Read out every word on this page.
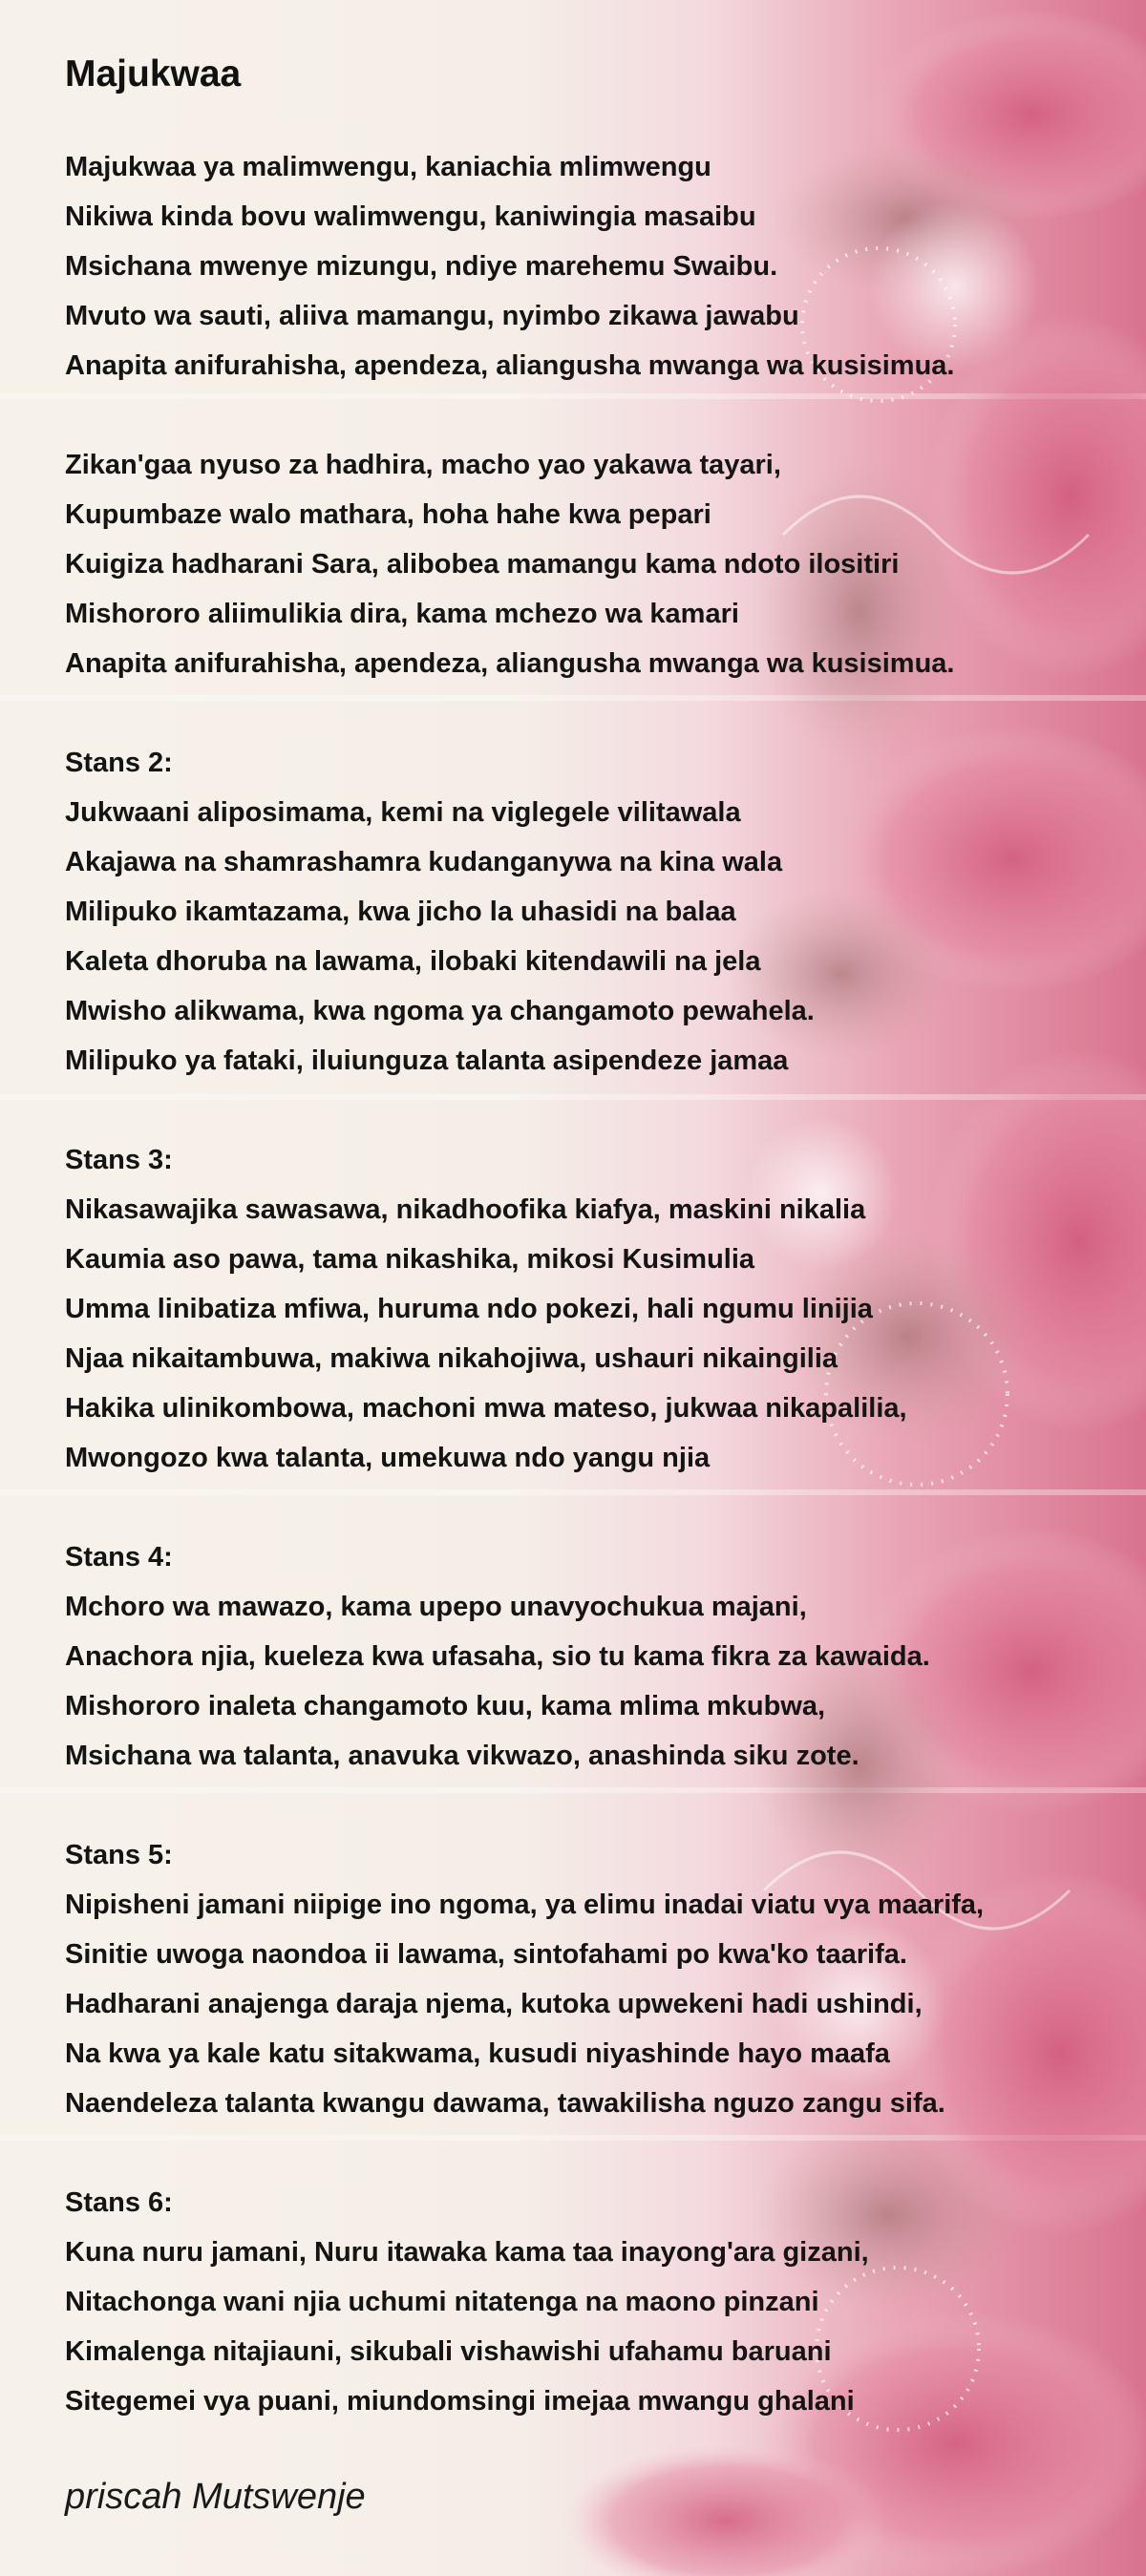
Majukwaa
Majukwaa ya malimwengu, kaniachia mlimwengu
Nikiwa kinda bovu walimwengu, kaniwingia masaibu
Msichana mwenye mizungu, ndiye marehemu Swaibu.
Mvuto wa sauti, aliiva mamangu, nyimbo zikawa jawabu
Anapita anifurahisha, apendeza, aliangusha mwanga wa kusisimua.
Zikan'gaa nyuso za hadhira, macho yao yakawa tayari,
Kupumbaze walo mathara, hoha hahe kwa pepari
Kuigiza hadharani Sara, alibobea mamangu kama ndoto ilositiri
Mishororo aliimulikia dira, kama mchezo wa kamari
Anapita anifurahisha, apendeza, aliangusha mwanga wa kusisimua.
Stans 2:
Jukwaani aliposimama, kemi na viglegele vilitawala
Akajawa na shamrashamra kudanganywa na kina wala
Milipuko ikamtazama, kwa jicho la uhasidi na balaa
Kaleta dhoruba na lawama, ilobaki kitendawili na jela
Mwisho alikwama, kwa ngoma ya changamoto pewahela.
Milipuko ya fataki, iluiunguza talanta asipendeze jamaa
Stans 3:
Nikasawajika sawasawa, nikadhoofika kiafya, maskini nikalia
Kaumia aso pawa, tama nikashika, mikosi Kusimulia
Umma linibatiza mfiwa, huruma ndo pokezi, hali ngumu linijia
Njaa nikaitambuwa, makiwa nikahojiwa, ushauri nikaingilia
Hakika ulinikombowa, machoni mwa mateso, jukwaa nikapalilia,
Mwongozo kwa talanta, umekuwa ndo yangu njia
Stans 4:
Mchoro wa mawazo, kama upepo unavyochukua majani,
Anachora njia, kueleza kwa ufasaha, sio tu kama fikra za kawaida.
Mishororo inaleta changamoto kuu, kama mlima mkubwa,
Msichana wa talanta, anavuka vikwazo, anashinda siku zote.
Stans 5:
Nipisheni jamani niipige ino ngoma, ya elimu inadai viatu vya maarifa,
Sinitie uwoga naondoa ii lawama, sintofahami po kwa'ko taarifa.
Hadharani anajenga daraja njema, kutoka upwekeni hadi ushindi,
Na kwa ya kale katu sitakwama, kusudi niyashinde hayo maafa
Naendeleza talanta kwangu dawama, tawakilisha nguzo zangu sifa.
Stans 6:
Kuna nuru jamani, Nuru itawaka kama taa inayong'ara gizani,
Nitachonga wani njia uchumi nitatenga na maono pinzani
Kimalenga nitajiauni, sikubali vishawishi ufahamu baruani
Sitegemei vya puani, miundomsingi imejaa mwangu ghalani

priscah Mutswenje
